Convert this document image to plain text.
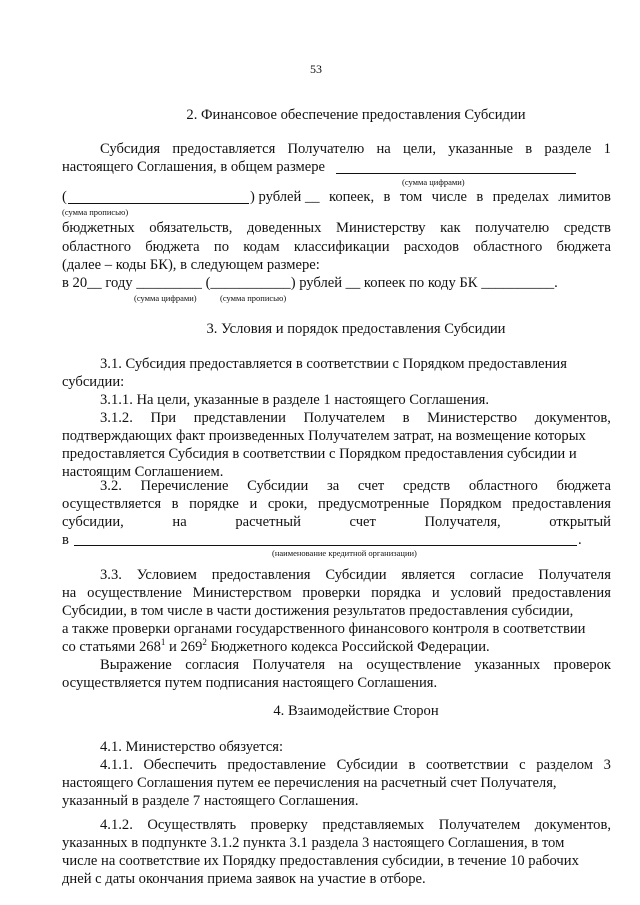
53
2. Финансовое обеспечение предоставления Субсидии
Субсидия предоставляется Получателю на цели, указанные в разделе 1
настоящего Соглашения, в общем размере
(сумма цифрами)
(	) рублей __ копеек, в том числе в пределах лимитов
(сумма прописью)
бюджетных обязательств, доведенных Министерству как получателю средств
областного бюджета по кодам классификации расходов областного бюджета
(далее – коды БК), в следующем размере:
в 20__ году _________ (___________) рублей __ копеек по коду БК __________.
(сумма цифрами)	(сумма прописью)
3. Условия и порядок предоставления Субсидии
3.1. Субсидия предоставляется в соответствии с Порядком предоставления
субсидии:
3.1.1. На цели, указанные в разделе 1 настоящего Соглашения.
3.1.2. При представлении Получателем в Министерство документов,
подтверждающих факт произведенных Получателем затрат, на возмещение которых
предоставляется Субсидия в соответствии с Порядком предоставления субсидии и
настоящим Соглашением.
3.2. Перечисление Субсидии за счет средств областного бюджета
осуществляется в порядке и сроки, предусмотренные Порядком предоставления
субсидии,	на	расчетный	счет	Получателя,	открытый
в	.
(наименование кредитной организации)
3.3. Условием предоставления Субсидии является согласие Получателя
на осуществление Министерством проверки порядка и условий предоставления
Субсидии, в том числе в части достижения результатов предоставления субсидии,
а также проверки органами государственного финансового контроля в соответствии
со статьями $268^1$ и $269^2$ Бюджетного кодекса Российской Федерации.
Выражение согласия Получателя на осуществление указанных проверок
осуществляется путем подписания настоящего Соглашения.
4. Взаимодействие Сторон
4.1. Министерство обязуется:
4.1.1. Обеспечить предоставление Субсидии в соответствии с разделом 3
настоящего Соглашения путем ее перечисления на расчетный счет Получателя,
указанный в разделе 7 настоящего Соглашения.
4.1.2. Осуществлять проверку представляемых Получателем документов,
указанных в подпункте 3.1.2 пункта 3.1 раздела 3 настоящего Соглашения, в том
числе на соответствие их Порядку предоставления субсидии, в течение 10 рабочих
дней с даты окончания приема заявок на участие в отборе.
